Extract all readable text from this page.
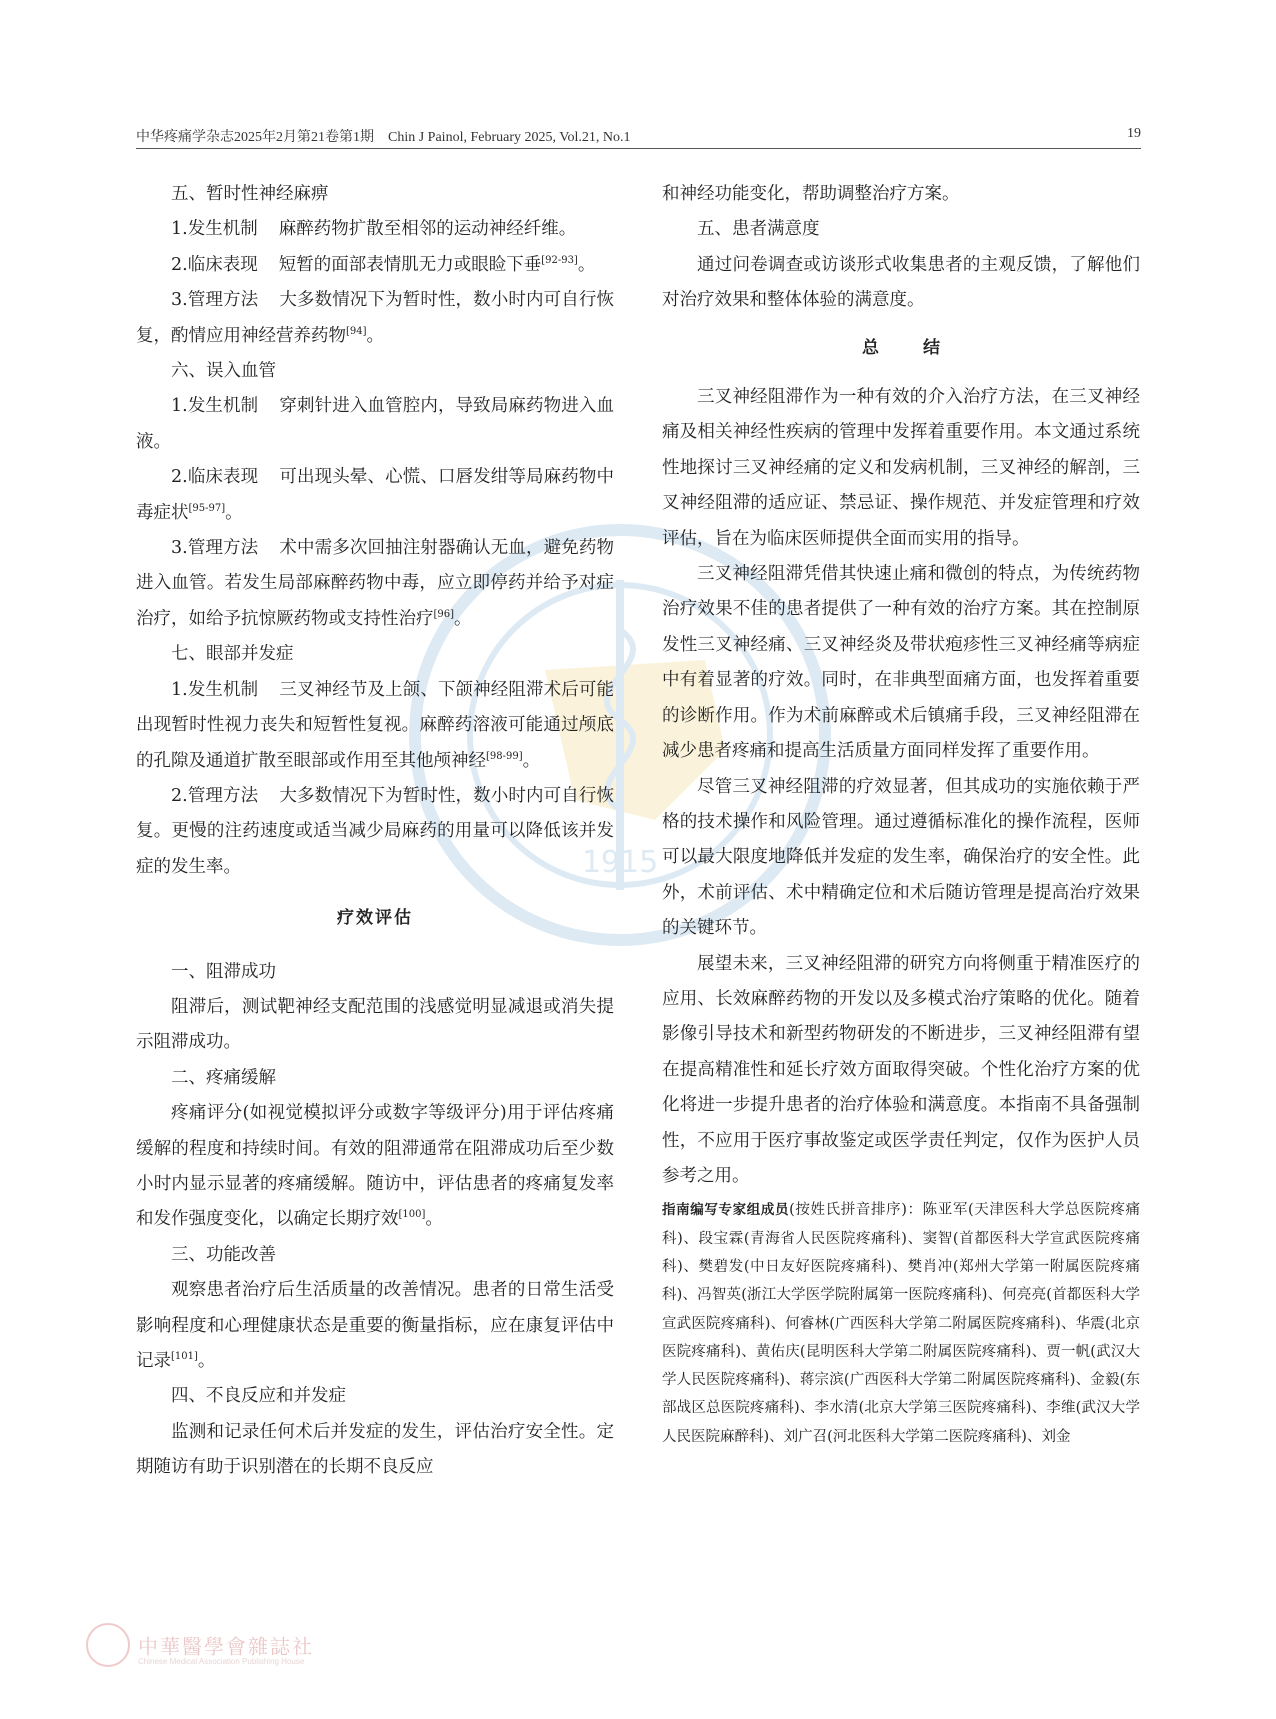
中华疼痛学杂志2025年2月第21卷第1期　Chin J Painol, February 2025, Vol.21, No.1	19
1915

五、暂时性神经麻痹

1.发生机制 麻醉药物扩散至相邻的运动神经纤维。

2.临床表现 短暂的面部表情肌无力或眼睑下垂[92-93]。

3.管理方法 大多数情况下为暂时性，数小时内可自行恢复，酌情应用神经营养药物[94]。

六、误入血管

1.发生机制 穿刺针进入血管腔内，导致局麻药物进入血液。

2.临床表现 可出现头晕、心慌、口唇发绀等局麻药物中毒症状[95-97]。

3.管理方法 术中需多次回抽注射器确认无血，避免药物进入血管。若发生局部麻醉药物中毒，应立即停药并给予对症治疗，如给予抗惊厥药物或支持性治疗[96]。

七、眼部并发症

1.发生机制 三叉神经节及上颌、下颌神经阻滞术后可能出现暂时性视力丧失和短暂性复视。麻醉药溶液可能通过颅底的孔隙及通道扩散至眼部或作用至其他颅神经[98-99]。

2.管理方法 大多数情况下为暂时性，数小时内可自行恢复。更慢的注药速度或适当减少局麻药的用量可以降低该并发症的发生率。

疗效评估

一、阻滞成功

阻滞后，测试靶神经支配范围的浅感觉明显减退或消失提示阻滞成功。

二、疼痛缓解

疼痛评分(如视觉模拟评分或数字等级评分)用于评估疼痛缓解的程度和持续时间。有效的阻滞通常在阻滞成功后至少数小时内显示显著的疼痛缓解。随访中，评估患者的疼痛复发率和发作强度变化，以确定长期疗效[100]。

三、功能改善

观察患者治疗后生活质量的改善情况。患者的日常生活受影响程度和心理健康状态是重要的衡量指标，应在康复评估中记录[101]。

四、不良反应和并发症

监测和记录任何术后并发症的发生，评估治疗安全性。定期随访有助于识别潜在的长期不良反应

和神经功能变化，帮助调整治疗方案。

五、患者满意度

通过问卷调查或访谈形式收集患者的主观反馈，了解他们对治疗效果和整体体验的满意度。

总结

三叉神经阻滞作为一种有效的介入治疗方法，在三叉神经痛及相关神经性疾病的管理中发挥着重要作用。本文通过系统性地探讨三叉神经痛的定义和发病机制，三叉神经的解剖，三叉神经阻滞的适应证、禁忌证、操作规范、并发症管理和疗效评估，旨在为临床医师提供全面而实用的指导。

三叉神经阻滞凭借其快速止痛和微创的特点，为传统药物治疗效果不佳的患者提供了一种有效的治疗方案。其在控制原发性三叉神经痛、三叉神经炎及带状疱疹性三叉神经痛等病症中有着显著的疗效。同时，在非典型面痛方面，也发挥着重要的诊断作用。作为术前麻醉或术后镇痛手段，三叉神经阻滞在减少患者疼痛和提高生活质量方面同样发挥了重要作用。

尽管三叉神经阻滞的疗效显著，但其成功的实施依赖于严格的技术操作和风险管理。通过遵循标准化的操作流程，医师可以最大限度地降低并发症的发生率，确保治疗的安全性。此外，术前评估、术中精确定位和术后随访管理是提高治疗效果的关键环节。

展望未来，三叉神经阻滞的研究方向将侧重于精准医疗的应用、长效麻醉药物的开发以及多模式治疗策略的优化。随着影像引导技术和新型药物研发的不断进步，三叉神经阻滞有望在提高精准性和延长疗效方面取得突破。个性化治疗方案的优化将进一步提升患者的治疗体验和满意度。本指南不具备强制性，不应用于医疗事故鉴定或医学责任判定，仅作为医护人员参考之用。

指南编写专家组成员(按姓氏拼音排序)：陈亚军(天津医科大学总医院疼痛科)、段宝霖(青海省人民医院疼痛科)、窦智(首都医科大学宣武医院疼痛科)、樊碧发(中日友好医院疼痛科)、樊肖冲(郑州大学第一附属医院疼痛科)、冯智英(浙江大学医学院附属第一医院疼痛科)、何亮亮(首都医科大学宣武医院疼痛科)、何睿林(广西医科大学第二附属医院疼痛科)、华震(北京医院疼痛科)、黄佑庆(昆明医科大学第二附属医院疼痛科)、贾一帆(武汉大学人民医院疼痛科)、蒋宗滨(广西医科大学第二附属医院疼痛科)、金毅(东部战区总医院疼痛科)、李水清(北京大学第三医院疼痛科)、李维(武汉大学人民医院麻醉科)、刘广召(河北医科大学第二医院疼痛科)、刘金

中華醫學會雜誌社
Chinese Medical Association Publishing House
